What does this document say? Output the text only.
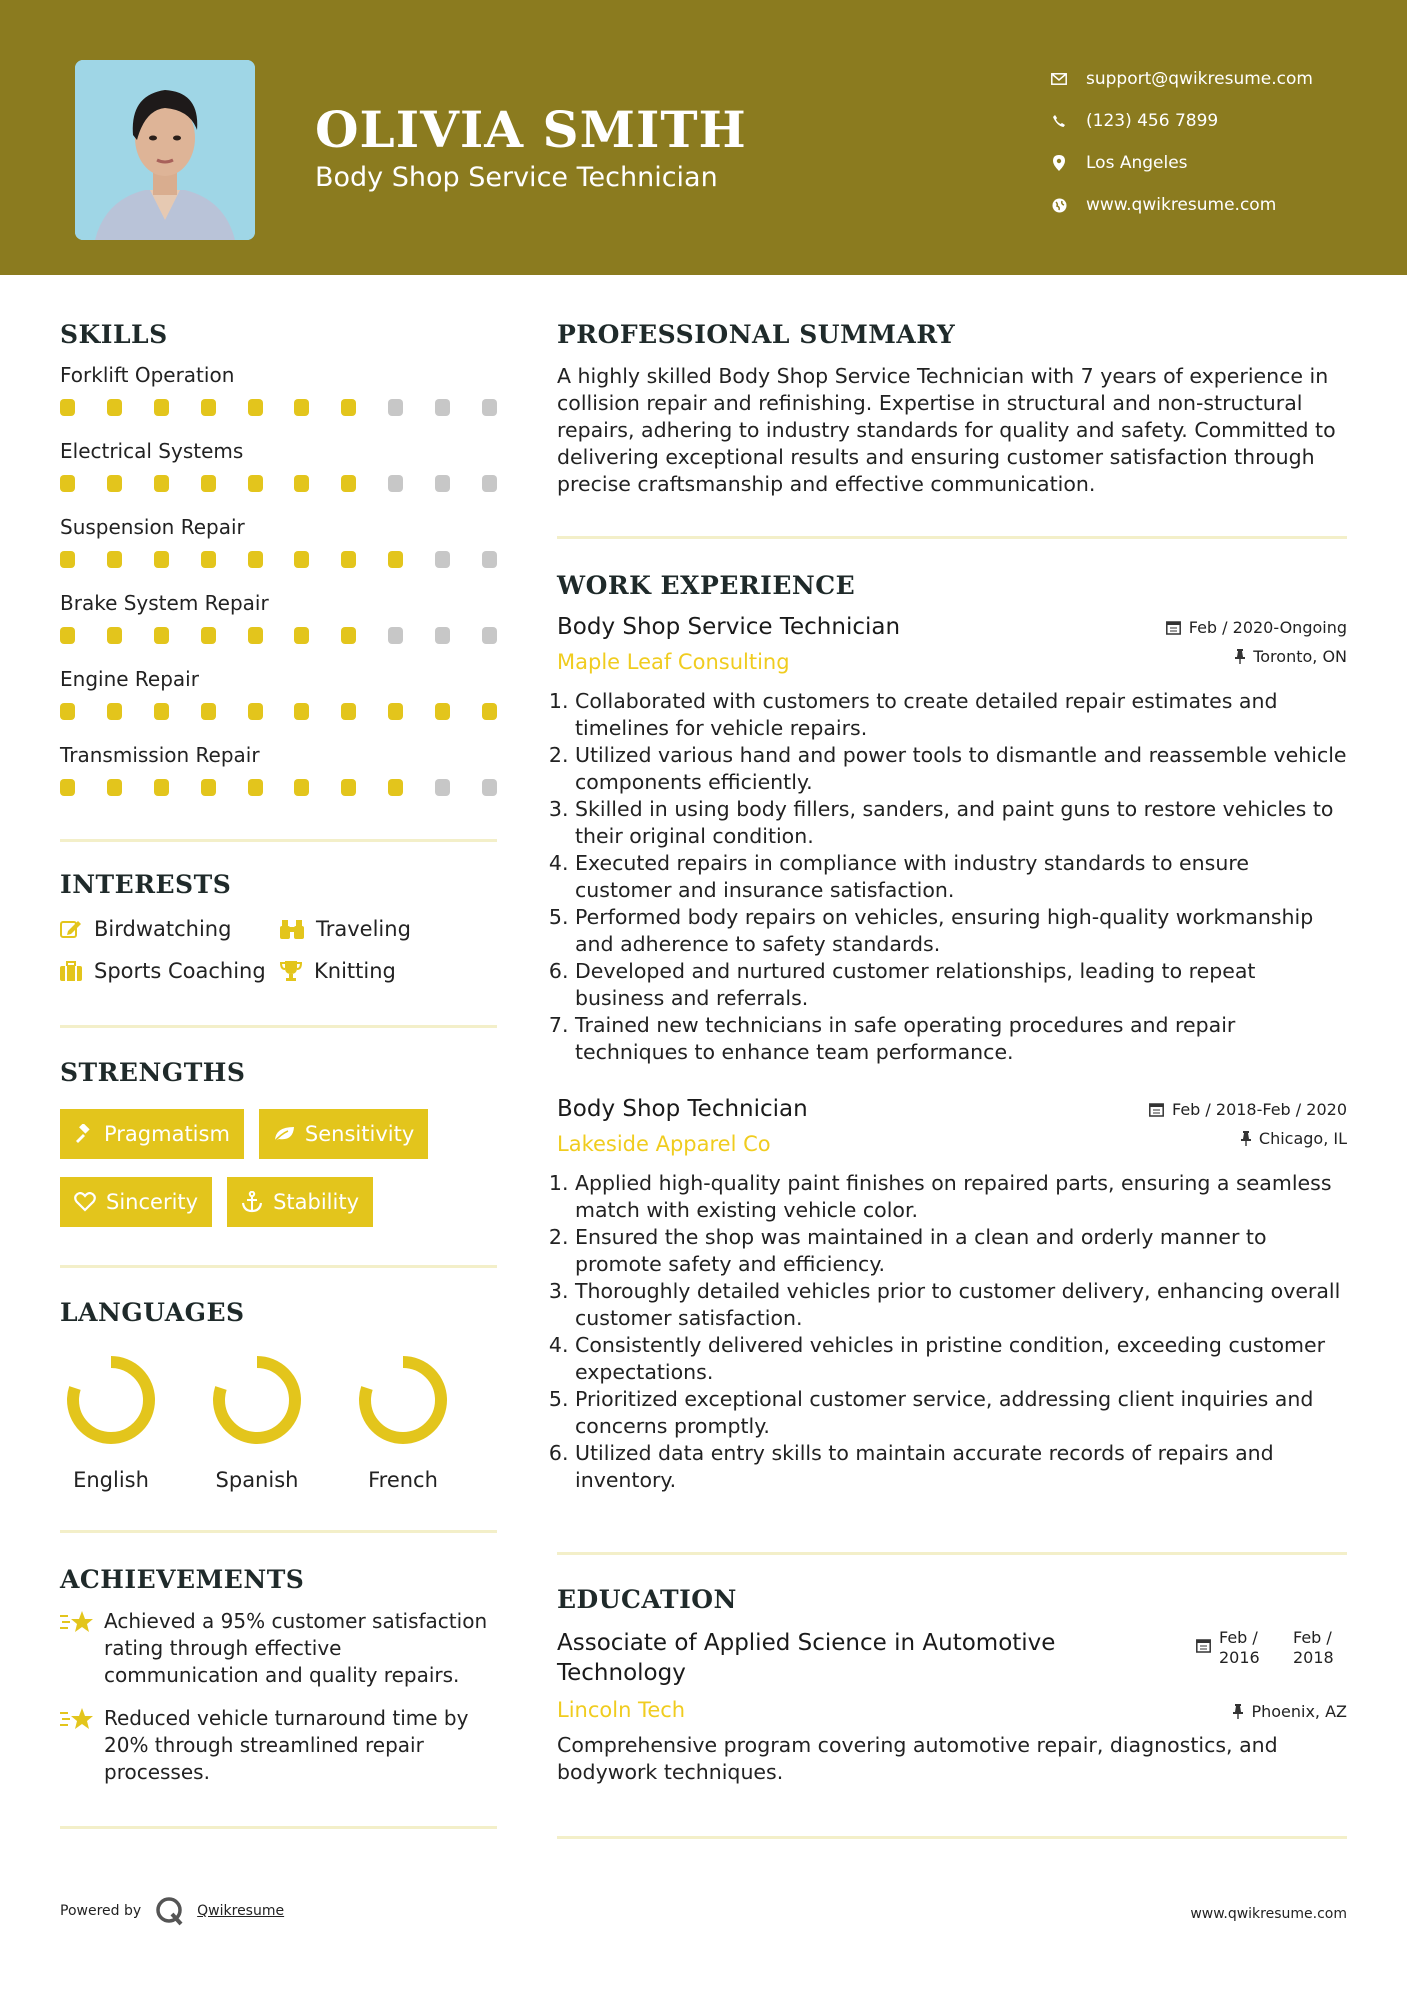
OLIVIA SMITH
Body Shop Service Technician
support@qwikresume.com
(123) 456 7899
Los Angeles
www.qwikresume.com
SKILLS
Forklift Operation
Electrical Systems
Suspension Repair
Brake System Repair
Engine Repair
Transmission Repair
INTERESTS
Birdwatching	Traveling
Sports Coaching Knitting
STRENGTHS
Pragmatism	Sensitivity
Sincerity	Stability
LANGUAGES
English	Spanish	French
ACHIEVEMENTS
Achieved a 95% customer satisfaction rating through effective communication and quality repairs.
Reduced vehicle turnaround time by 20% through streamlined repair processes.
PROFESSIONAL SUMMARY
A highly skilled Body Shop Service Technician with 7 years of experience in collision repair and refinishing. Expertise in structural and non-structural repairs, adhering to industry standards for quality and safety. Committed to delivering exceptional results and ensuring customer satisfaction through precise craftsmanship and effective communication.
WORK EXPERIENCE
Body Shop Service Technician
Maple Leaf Consulting
Feb / 2020-Ongoing
Toronto, ON
1. Collaborated with customers to create detailed repair estimates and timelines for vehicle repairs.
2. Utilized various hand and power tools to dismantle and reassemble vehicle components efficiently.
3. Skilled in using body fillers, sanders, and paint guns to restore vehicles to their original condition.
4. Executed repairs in compliance with industry standards to ensure customer and insurance satisfaction.
5. Performed body repairs on vehicles, ensuring high-quality workmanship and adherence to safety standards.
6. Developed and nurtured customer relationships, leading to repeat business and referrals.
7. Trained new technicians in safe operating procedures and repair techniques to enhance team performance.
Body Shop Technician
Lakeside Apparel Co
Feb / 2018-Feb / 2020
Chicago, IL
1. Applied high-quality paint finishes on repaired parts, ensuring a seamless match with existing vehicle color.
2. Ensured the shop was maintained in a clean and orderly manner to promote safety and efficiency.
3. Thoroughly detailed vehicles prior to customer delivery, enhancing overall customer satisfaction.
4. Consistently delivered vehicles in pristine condition, exceeding customer expectations.
5. Prioritized exceptional customer service, addressing client inquiries and concerns promptly.
6. Utilized data entry skills to maintain accurate records of repairs and inventory.
EDUCATION
Associate of Applied Science in Automotive Technology
Feb / 2016
Feb / 2018
Lincoln Tech	Phoenix, AZ
Comprehensive program covering automotive repair, diagnostics, and bodywork techniques.
Powered by	Qwikresume	www.qwikresume.com
